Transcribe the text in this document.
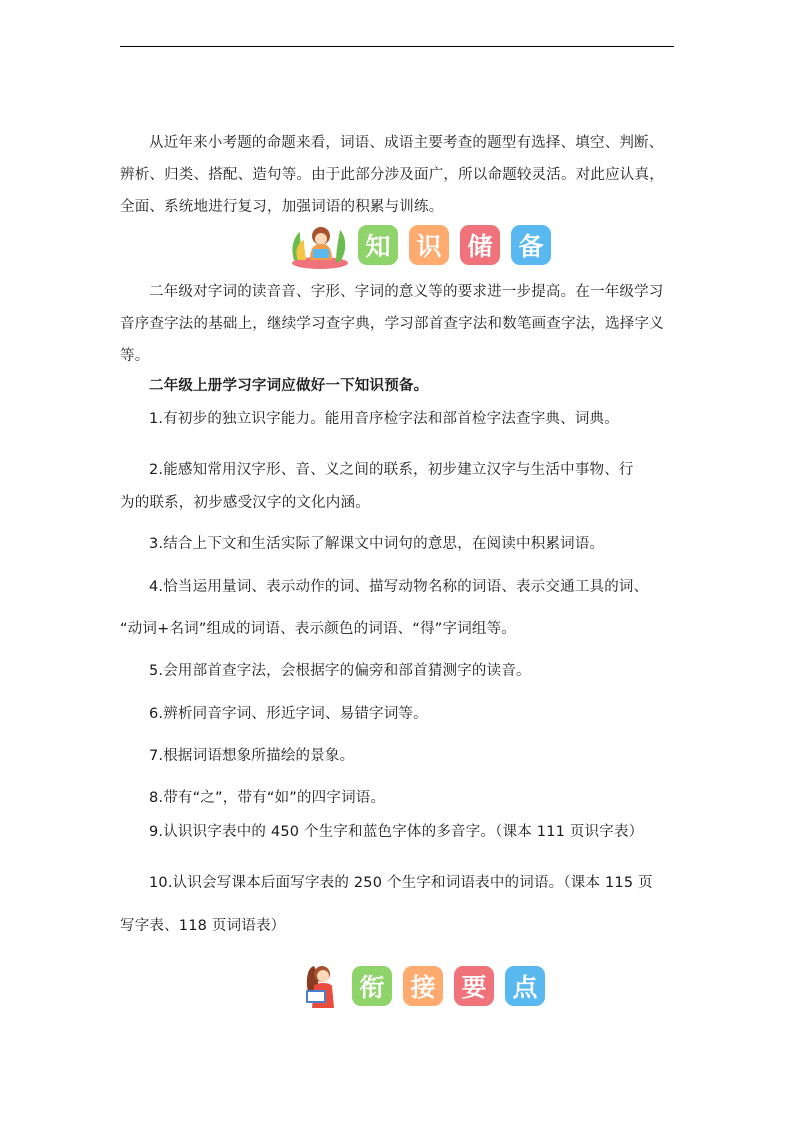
从近年来小考题的命题来看，词语、成语主要考查的题型有选择、填空、判断、辨析、归类、搭配、造句等。由于此部分涉及面广，所以命题较灵活。对此应认真，全面、系统地进行复习，加强词语的积累与训练。

知	识	储	备

二年级对字词的读音音、字形、字词的意义等的要求进一步提高。在一年级学习音序查字法的基础上，继续学习查字典，学习部首查字法和数笔画查字法，选择字义等。

二年级上册学习字词应做好一下知识预备。

1.有初步的独立识字能力。能用音序检字法和部首检字法查字典、词典。

2.能感知常用汉字形、音、义之间的联系，初步建立汉字与生活中事物、行

为的联系，初步感受汉字的文化内涵。

3.结合上下文和生活实际了解课文中词句的意思，在阅读中积累词语。

4.恰当运用量词、表示动作的词、描写动物名称的词语、表示交通工具的词、

“动词+名词”组成的词语、表示颜色的词语、“得”字词组等。

5.会用部首查字法，会根据字的偏旁和部首猜测字的读音。

6.辨析同音字词、形近字词、易错字词等。

7.根据词语想象所描绘的景象。

8.带有“之”，带有“如”的四字词语。

9.认识识字表中的 450 个生字和蓝色字体的多音字。（课本 111 页识字表）

10.认识会写课本后面写字表的 250 个生字和词语表中的词语。（课本 115 页

写字表、118 页词语表）

衔	接	要	点
